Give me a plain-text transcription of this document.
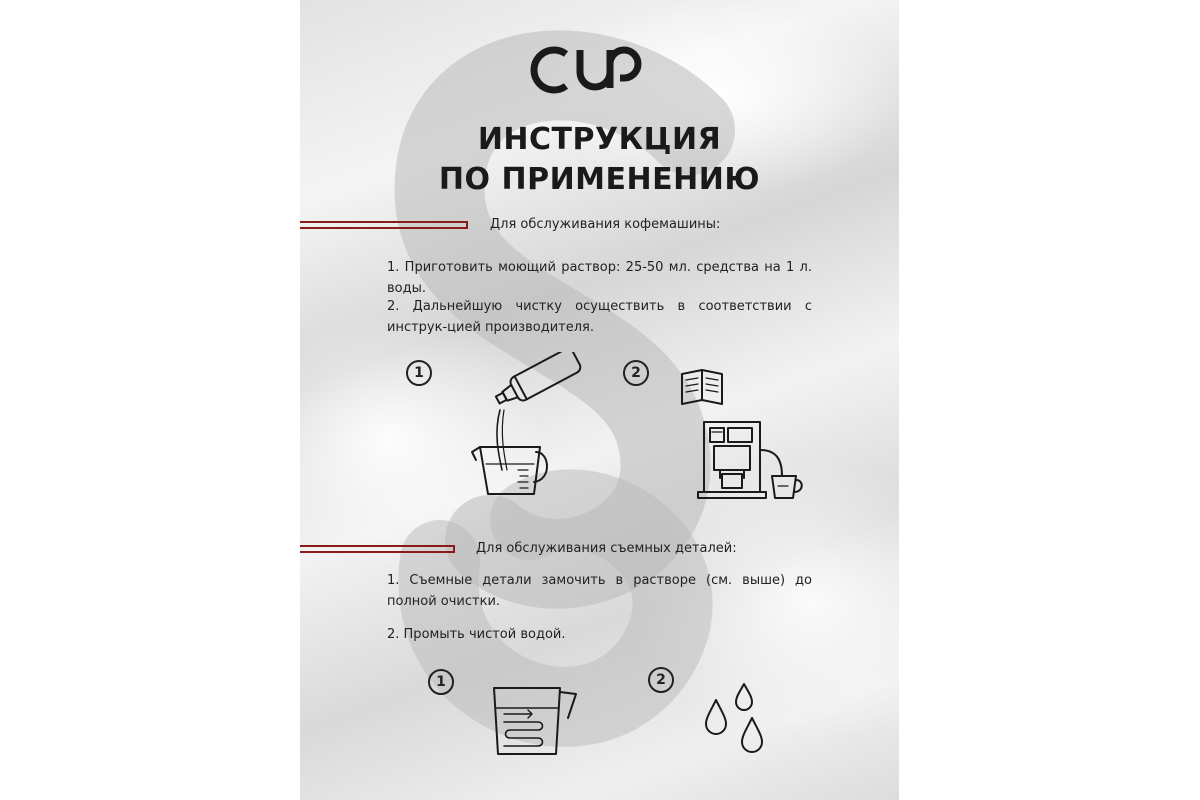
ИНСТРУКЦИЯ
ПО ПРИМЕНЕНИЮ
Для обслуживания кофемашины:
1. Приготовить моющий раствор: 25-50 мл. средства на 1 л. воды.
2. Дальнейшую чистку осуществить в соответствии с инструк-цией производителя.
1	2
Для обслуживания съемных деталей:
1. Съемные детали замочить в растворе (см. выше) до полной очистки.
2. Промыть чистой водой.
1	2
